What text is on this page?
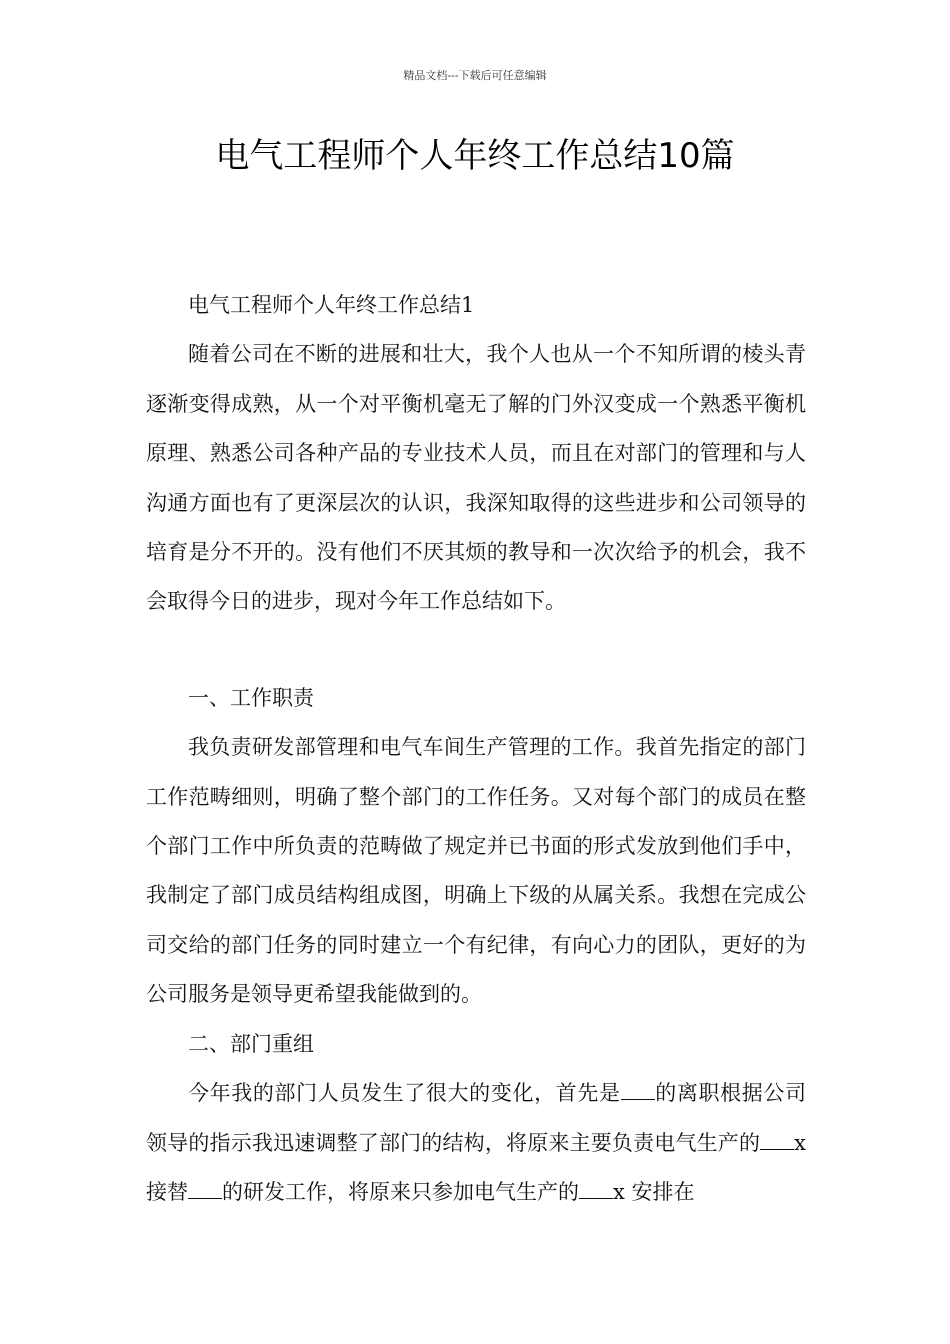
精品文档---下载后可任意编辑
电气工程师个人年终工作总结10篇

电气工程师个人年终工作总结1

随着公司在不断的进展和壮大，我个人也从一个不知所谓的棱头青逐渐变得成熟，从一个对平衡机毫无了解的门外汉变成一个熟悉平衡机原理、熟悉公司各种产品的专业技术人员，而且在对部门的管理和与人沟通方面也有了更深层次的认识，我深知取得的这些进步和公司领导的培育是分不开的。没有他们不厌其烦的教导和一次次给予的机会，我不会取得今日的进步，现对今年工作总结如下。

一、工作职责

我负责研发部管理和电气车间生产管理的工作。我首先指定的部门工作范畴细则，明确了整个部门的工作任务。又对每个部门的成员在整个部门工作中所负责的范畴做了规定并已书面的形式发放到他们手中，我制定了部门成员结构组成图，明确上下级的从属关系。我想在完成公司交给的部门任务的同时建立一个有纪律，有向心力的团队，更好的为公司服务是领导更希望我能做到的。

二、部门重组

今年我的部门人员发生了很大的变化，首先是 的离职根据公司领导的指示我迅速调整了部门的结构，将原来主要负责电气生产的 x 接替 的研发工作，将原来只参加电气生产的 x 安排在
